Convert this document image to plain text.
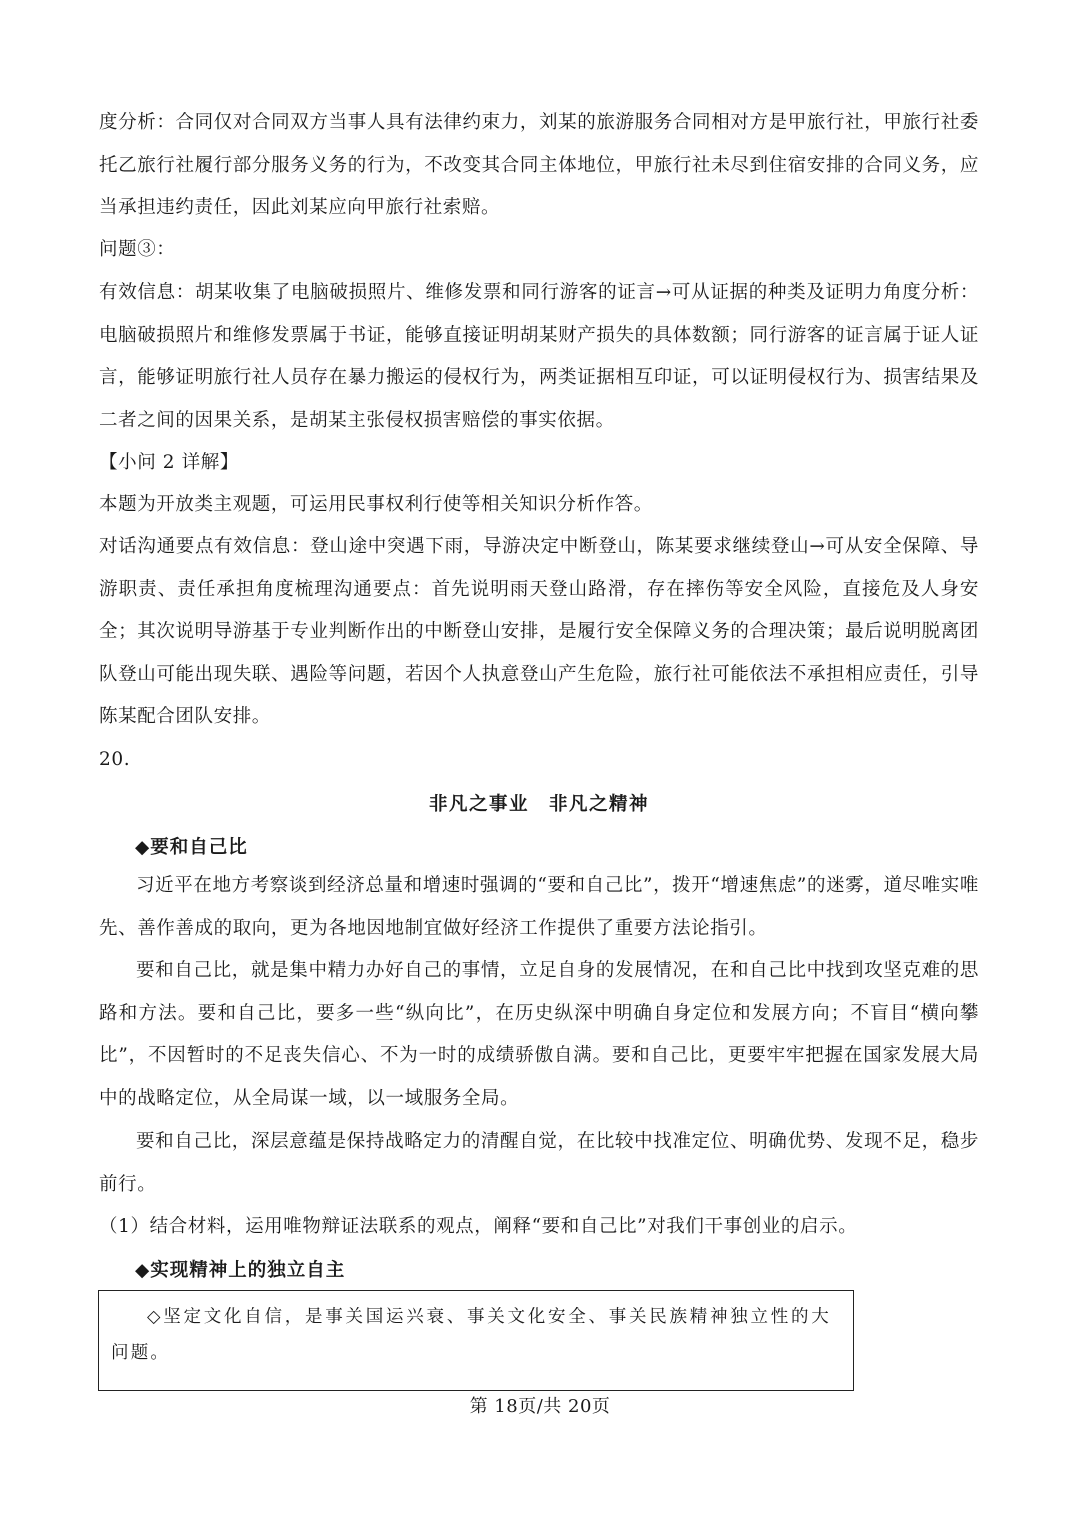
度分析：合同仅对合同双方当事人具有法律约束力，刘某的旅游服务合同相对方是甲旅行社，甲旅行社委托乙旅行社履行部分服务义务的行为，不改变其合同主体地位，甲旅行社未尽到住宿安排的合同义务，应当承担违约责任，因此刘某应向甲旅行社索赔。

问题③：

有效信息：胡某收集了电脑破损照片、维修发票和同行游客的证言→可从证据的种类及证明力角度分析：电脑破损照片和维修发票属于书证，能够直接证明胡某财产损失的具体数额；同行游客的证言属于证人证言，能够证明旅行社人员存在暴力搬运的侵权行为，两类证据相互印证，可以证明侵权行为、损害结果及二者之间的因果关系，是胡某主张侵权损害赔偿的事实依据。

【小问 2 详解】

本题为开放类主观题，可运用民事权利行使等相关知识分析作答。

对话沟通要点有效信息：登山途中突遇下雨，导游决定中断登山，陈某要求继续登山→可从安全保障、导游职责、责任承担角度梳理沟通要点：首先说明雨天登山路滑，存在摔伤等安全风险，直接危及人身安全；其次说明导游基于专业判断作出的中断登山安排，是履行安全保障义务的合理决策；最后说明脱离团队登山可能出现失联、遇险等问题，若因个人执意登山产生危险，旅行社可能依法不承担相应责任，引导陈某配合团队安排。

20.

非凡之事业　非凡之精神

◆要和自己比

习近平在地方考察谈到经济总量和增速时强调的“要和自己比”，拨开“增速焦虑”的迷雾，道尽唯实唯先、善作善成的取向，更为各地因地制宜做好经济工作提供了重要方法论指引。

要和自己比，就是集中精力办好自己的事情，立足自身的发展情况，在和自己比中找到攻坚克难的思路和方法。要和自己比，要多一些“纵向比”，在历史纵深中明确自身定位和发展方向；不盲目“横向攀比”，不因暂时的不足丧失信心、不为一时的成绩骄傲自满。要和自己比，更要牢牢把握在国家发展大局中的战略定位，从全局谋一域，以一域服务全局。

要和自己比，深层意蕴是保持战略定力的清醒自觉，在比较中找准定位、明确优势、发现不足，稳步前行。

（1）结合材料，运用唯物辩证法联系的观点，阐释“要和自己比”对我们干事创业的启示。

◆实现精神上的独立自主

◇坚定文化自信，是事关国运兴衰、事关文化安全、事关民族精神独立性的大问题。

第 18页/共 20页
